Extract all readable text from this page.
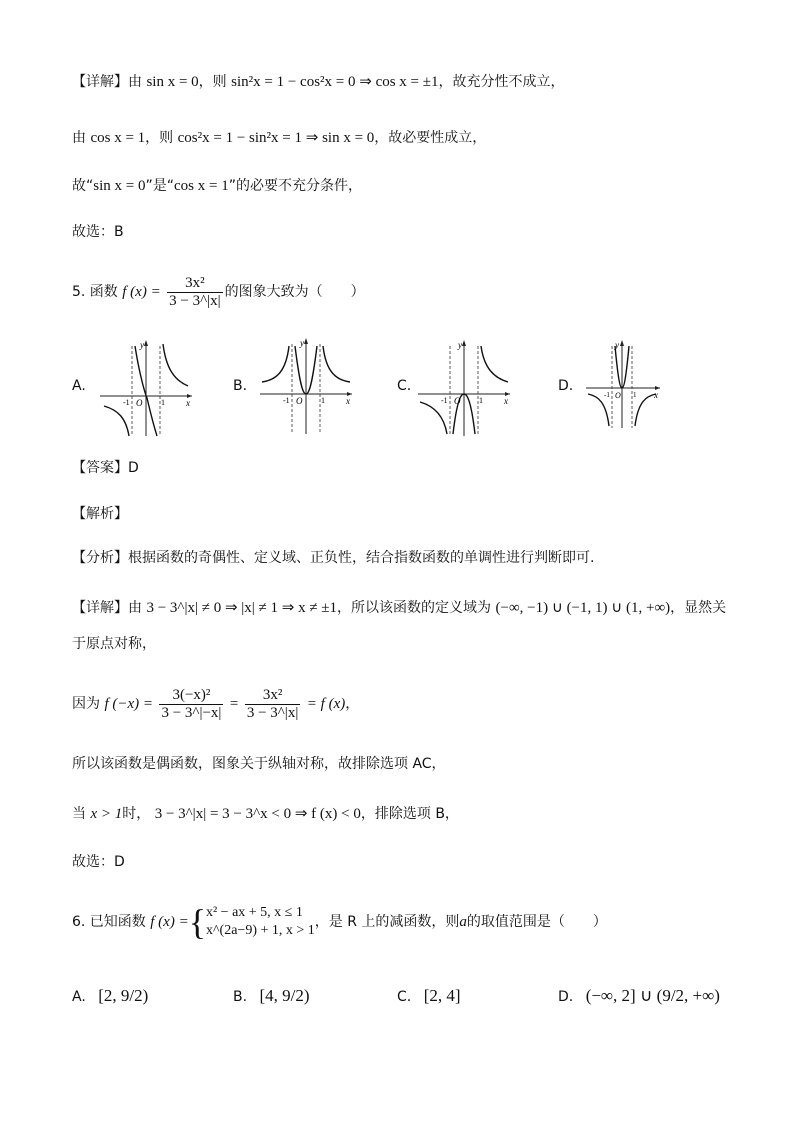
【详解】由 sin x = 0，则 sin²x = 1 − cos²x = 0 ⇒ cos x = ±1，故充分性不成立，
由 cos x = 1，则 cos²x = 1 − sin²x = 1 ⇒ sin x = 0，故必要性成立，
故“sin x = 0”是“cos x = 1”的必要不充分条件，
故选：B
5. 函数 f $(x) = \frac{\text{3x²}}{3 - 3\^{}|x|}$ 的图象大致为（　　）
A.	B.	C.	D.
y
x
O
-1	1
y
x
O
-1	1
y
x
O
-1	1
y
x
O
-1	1
【答案】D
【解析】
【分析】根据函数的奇偶性、定义域、正负性，结合指数函数的单调性进行判断即可.
【详解】由 3 − 3^|x| ≠ 0 ⇒ |x| ≠ 1 ⇒ x ≠ ±1，所以该函数的定义域为 (−∞, −1) ∪ (−1, 1) ∪ (1, +∞)，显然关
于原点对称，
因为 f $(-x) = \frac{\text{3(−x)²}}{3 - 3\^{}|-x|} = \frac{\text{3x²}}{3 - 3\^{}|x|} = f$ (x)，
所以该函数是偶函数，图象关于纵轴对称，故排除选项 AC，
当 x > 1时， 3 − 3^|x| = 3 − 3^x < 0 ⇒ f (x) < 0，排除选项 B，
故选：D
6. 已知函数 f (x) ={ x² − ax + 5, x ≤ 1
x^(2a−9) + 1, x > 1
，是 R 上的减函数，则a的取值范围是（　　）
A. [2, 9/2)	B. [4, 9/2)	C. [2, 4]	D. (−∞, 2] ∪ (9/2, +∞)
